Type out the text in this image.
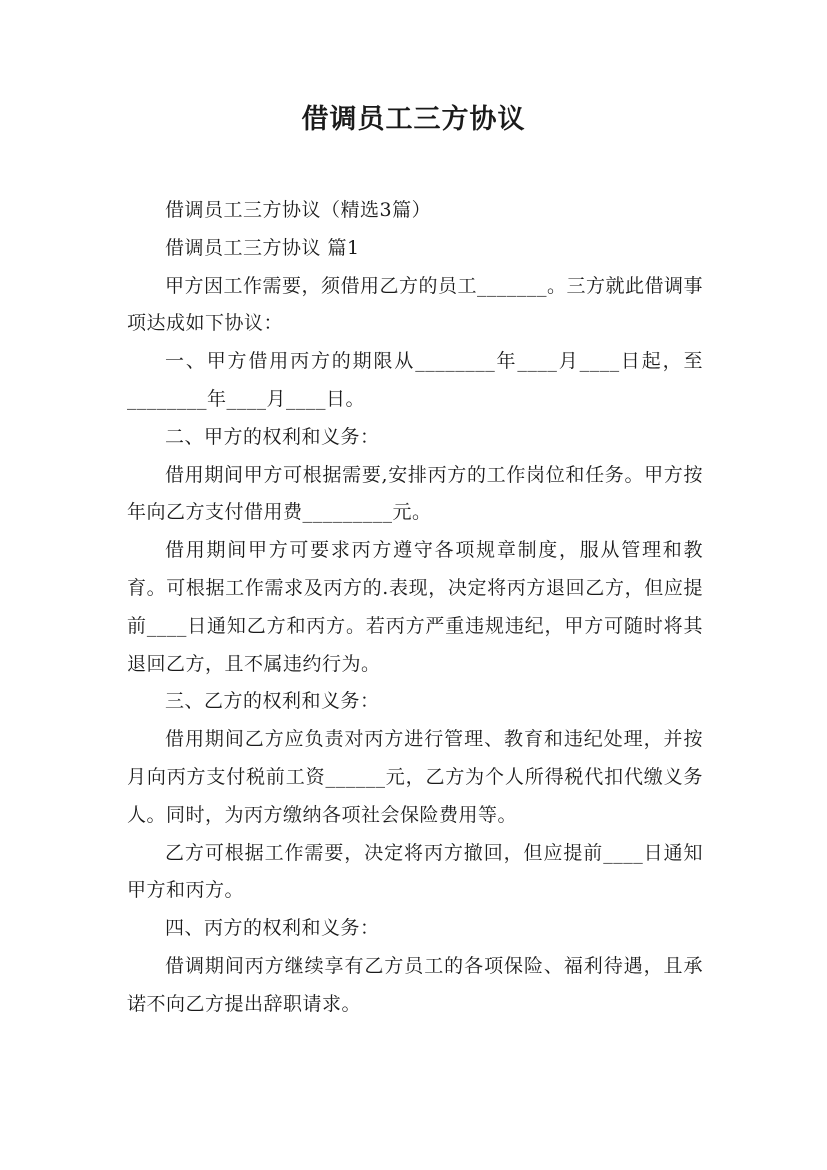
借调员工三方协议

借调员工三方协议（精选3篇）

借调员工三方协议 篇1

甲方因工作需要，须借用乙方的员工_______。三方就此借调事项达成如下协议：

一、甲方借用丙方的期限从________年____月____日起，至________年____月____日。

二、甲方的权利和义务：

借用期间甲方可根据需要,安排丙方的工作岗位和任务。甲方按年向乙方支付借用费_________元。

借用期间甲方可要求丙方遵守各项规章制度，服从管理和教育。可根据工作需求及丙方的.表现，决定将丙方退回乙方，但应提前____日通知乙方和丙方。若丙方严重违规违纪，甲方可随时将其退回乙方，且不属违约行为。

三、乙方的权利和义务：

借用期间乙方应负责对丙方进行管理、教育和违纪处理，并按月向丙方支付税前工资______元，乙方为个人所得税代扣代缴义务人。同时，为丙方缴纳各项社会保险费用等。

乙方可根据工作需要，决定将丙方撤回，但应提前____日通知甲方和丙方。

四、丙方的权利和义务：

借调期间丙方继续享有乙方员工的各项保险、福利待遇，且承诺不向乙方提出辞职请求。
